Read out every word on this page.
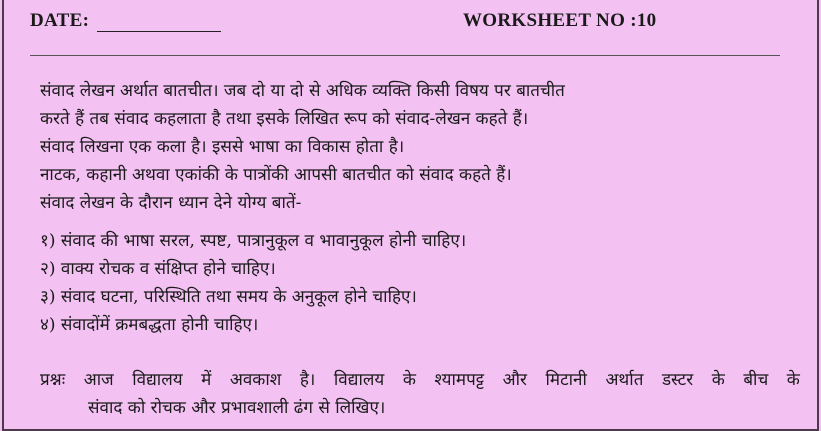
DATE:	WORKSHEET NO :10
संवाद लेखन अर्थात बातचीत। जब दो या दो से अधिक व्यक्ति किसी विषय पर बातचीत
करते हैं तब संवाद कहलाता है तथा इसके लिखित रूप को संवाद-लेखन कहते हैं।
संवाद लिखना एक कला है। इससे भाषा का विकास होता है।
नाटक, कहानी अथवा एकांकी के पात्रोंकी आपसी बातचीत को संवाद कहते हैं।
संवाद लेखन के दौरान ध्यान देने योग्य बातें-
१) संवाद की भाषा सरल, स्पष्ट, पात्रानुकूल व भावानुकूल होनी चाहिए।
२) वाक्य रोचक व संक्षिप्त होने चाहिए।
३) संवाद घटना, परिस्थिति तथा समय के अनुकूल होने चाहिए।
४) संवादोंमें क्रमबद्धता होनी चाहिए।
प्रश्नः आज विद्यालय में अवकाश है। विद्यालय के श्यामपट्ट और मिटानी अर्थात डस्टर के बीच के
संवाद को रोचक और प्रभावशाली ढंग से लिखिए।
